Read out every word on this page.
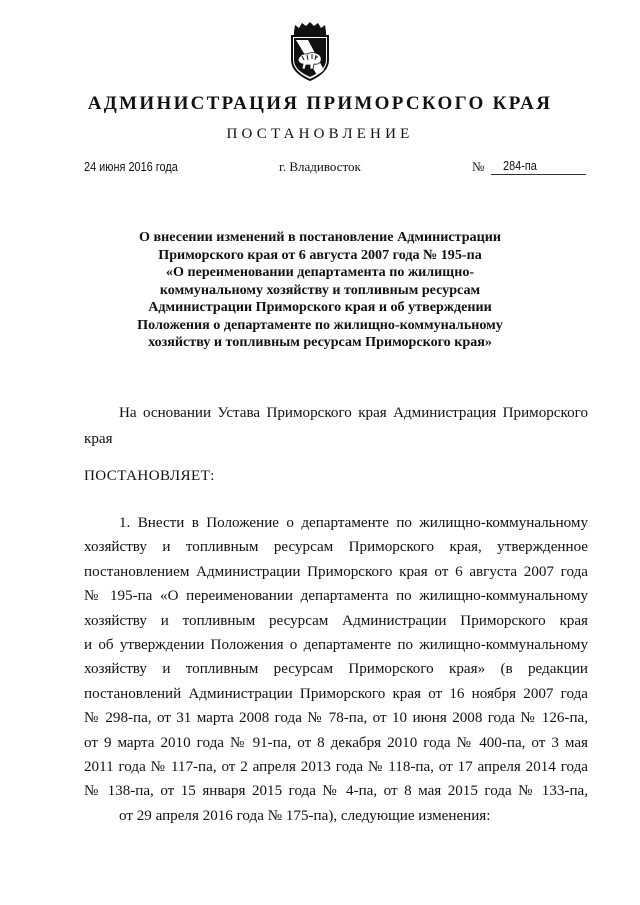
АДМИНИСТРАЦИЯ ПРИМОРСКОГО КРАЯ
ПОСТАНОВЛЕНИЕ
24 июня 2016 года	г. Владивосток	№ 284-па
О внесении изменений в постановление Администрации
Приморского края от 6 августа 2007 года № 195-па
«О переименовании департамента по жилищно-
коммунальному хозяйству и топливным ресурсам
Администрации Приморского края и об утверждении
Положения о департаменте по жилищно-коммунальному
хозяйству и топливным ресурсам Приморского края»
На основании Устава Приморского края Администрация Приморского
края
ПОСТАНОВЛЯЕТ:
1. Внести в Положение о департаменте по жилищно-коммунальному
хозяйству и топливным ресурсам Приморского края, утвержденное
постановлением Администрации Приморского края от 6 августа 2007 года
№ 195-па «О переименовании департамента по жилищно-коммунальному
хозяйству и топливным ресурсам Администрации Приморского края
и об утверждении Положения о департаменте по жилищно-коммунальному
хозяйству и топливным ресурсам Приморского края» (в редакции
постановлений Администрации Приморского края от 16 ноября 2007 года
№ 298-па, от 31 марта 2008 года № 78-па, от 10 июня 2008 года № 126-па,
от 9 марта 2010 года № 91-па, от 8 декабря 2010 года № 400-па, от 3 мая
2011 года № 117-па, от 2 апреля 2013 года № 118-па, от 17 апреля 2014 года
№ 138-па, от 15 января 2015 года № 4-па, от 8 мая 2015 года № 133-па,
от 29 апреля 2016 года № 175-па), следующие изменения:
